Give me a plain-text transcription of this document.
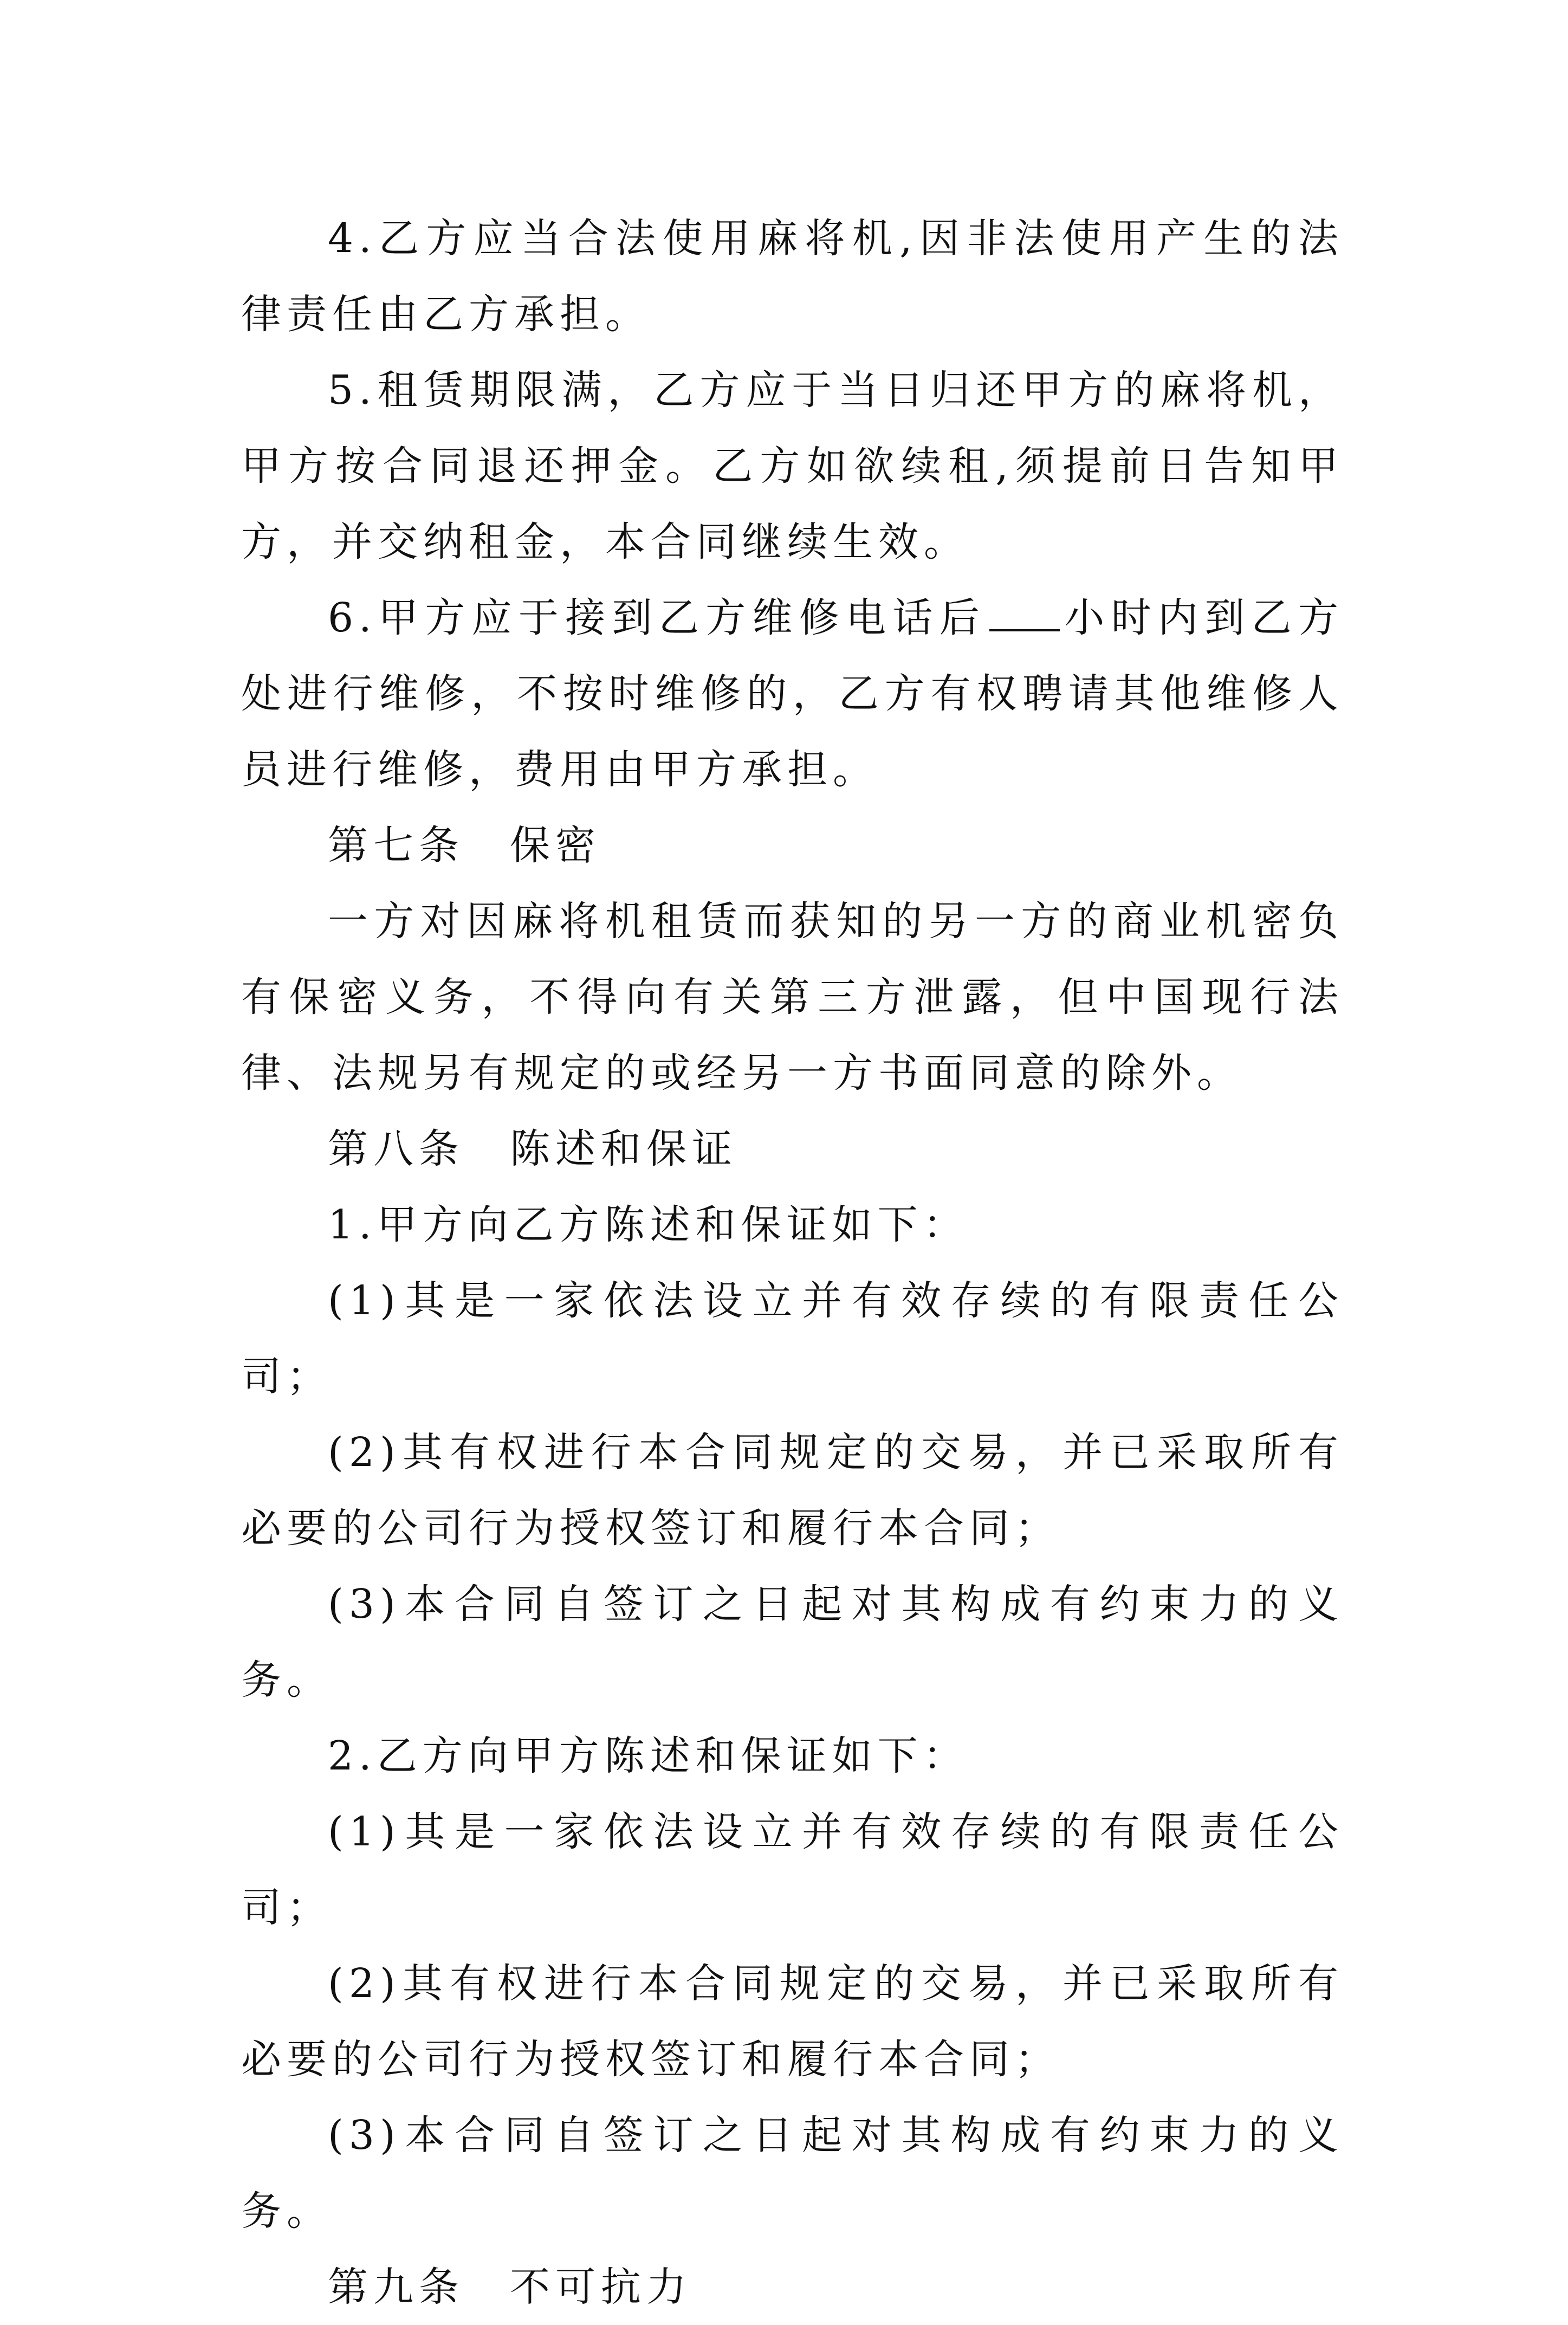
4.乙方应当合法使用麻将机,因非法使用产生的法律责任由乙方承担。

5.租赁期限满，乙方应于当日归还甲方的麻将机，甲方按合同退还押金。乙方如欲续租,须提前日告知甲方，并交纳租金，本合同继续生效。

6.甲方应于接到乙方维修电话后 小时内到乙方处进行维修，不按时维修的，乙方有权聘请其他维修人员进行维修，费用由甲方承担。

第七条　保密

一方对因麻将机租赁而获知的另一方的商业机密负有保密义务，不得向有关第三方泄露，但中国现行法律、法规另有规定的或经另一方书面同意的除外。

第八条　陈述和保证

1.甲方向乙方陈述和保证如下：

(1)其是一家依法设立并有效存续的有限责任公司；

(2)其有权进行本合同规定的交易，并已采取所有必要的公司行为授权签订和履行本合同；

(3)本合同自签订之日起对其构成有约束力的义务。

2.乙方向甲方陈述和保证如下：

(1)其是一家依法设立并有效存续的有限责任公司；

(2)其有权进行本合同规定的交易，并已采取所有必要的公司行为授权签订和履行本合同；

(3)本合同自签订之日起对其构成有约束力的义务。

第九条　不可抗力
